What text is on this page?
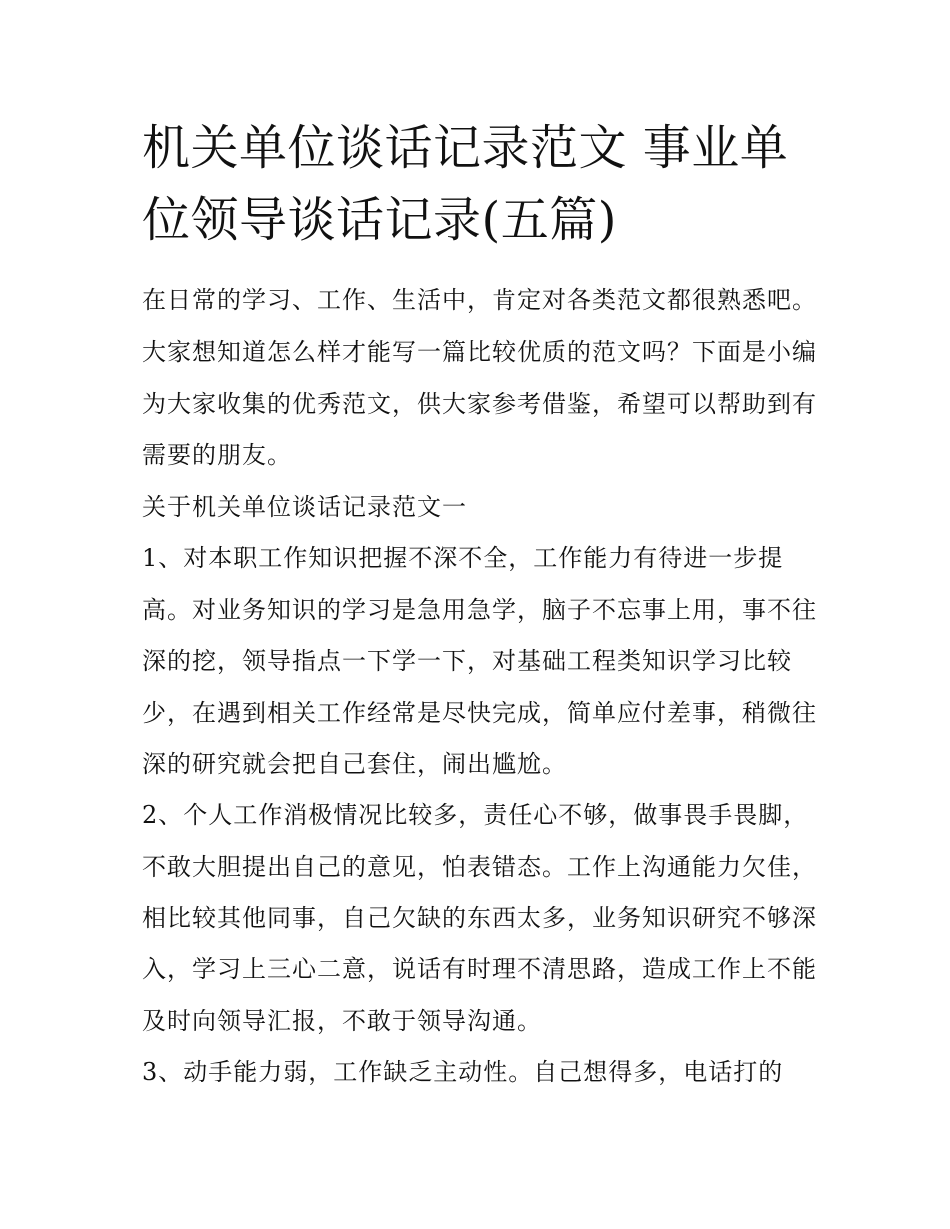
机关单位谈话记录范文 事业单
位领导谈话记录(五篇)
在日常的学习、工作、生活中，肯定对各类范文都很熟悉吧。
大家想知道怎么样才能写一篇比较优质的范文吗？下面是小编
为大家收集的优秀范文，供大家参考借鉴，希望可以帮助到有
需要的朋友。
关于机关单位谈话记录范文一
1、对本职工作知识把握不深不全，工作能力有待进一步提
高。对业务知识的学习是急用急学，脑子不忘事上用，事不往
深的挖，领导指点一下学一下，对基础工程类知识学习比较
少，在遇到相关工作经常是尽快完成，简单应付差事，稍微往
深的研究就会把自己套住，闹出尴尬。
2、个人工作消极情况比较多，责任心不够，做事畏手畏脚，
不敢大胆提出自己的意见，怕表错态。工作上沟通能力欠佳，
相比较其他同事，自己欠缺的东西太多，业务知识研究不够深
入，学习上三心二意，说话有时理不清思路，造成工作上不能
及时向领导汇报，不敢于领导沟通。
3、动手能力弱，工作缺乏主动性。自己想得多，电话打的
